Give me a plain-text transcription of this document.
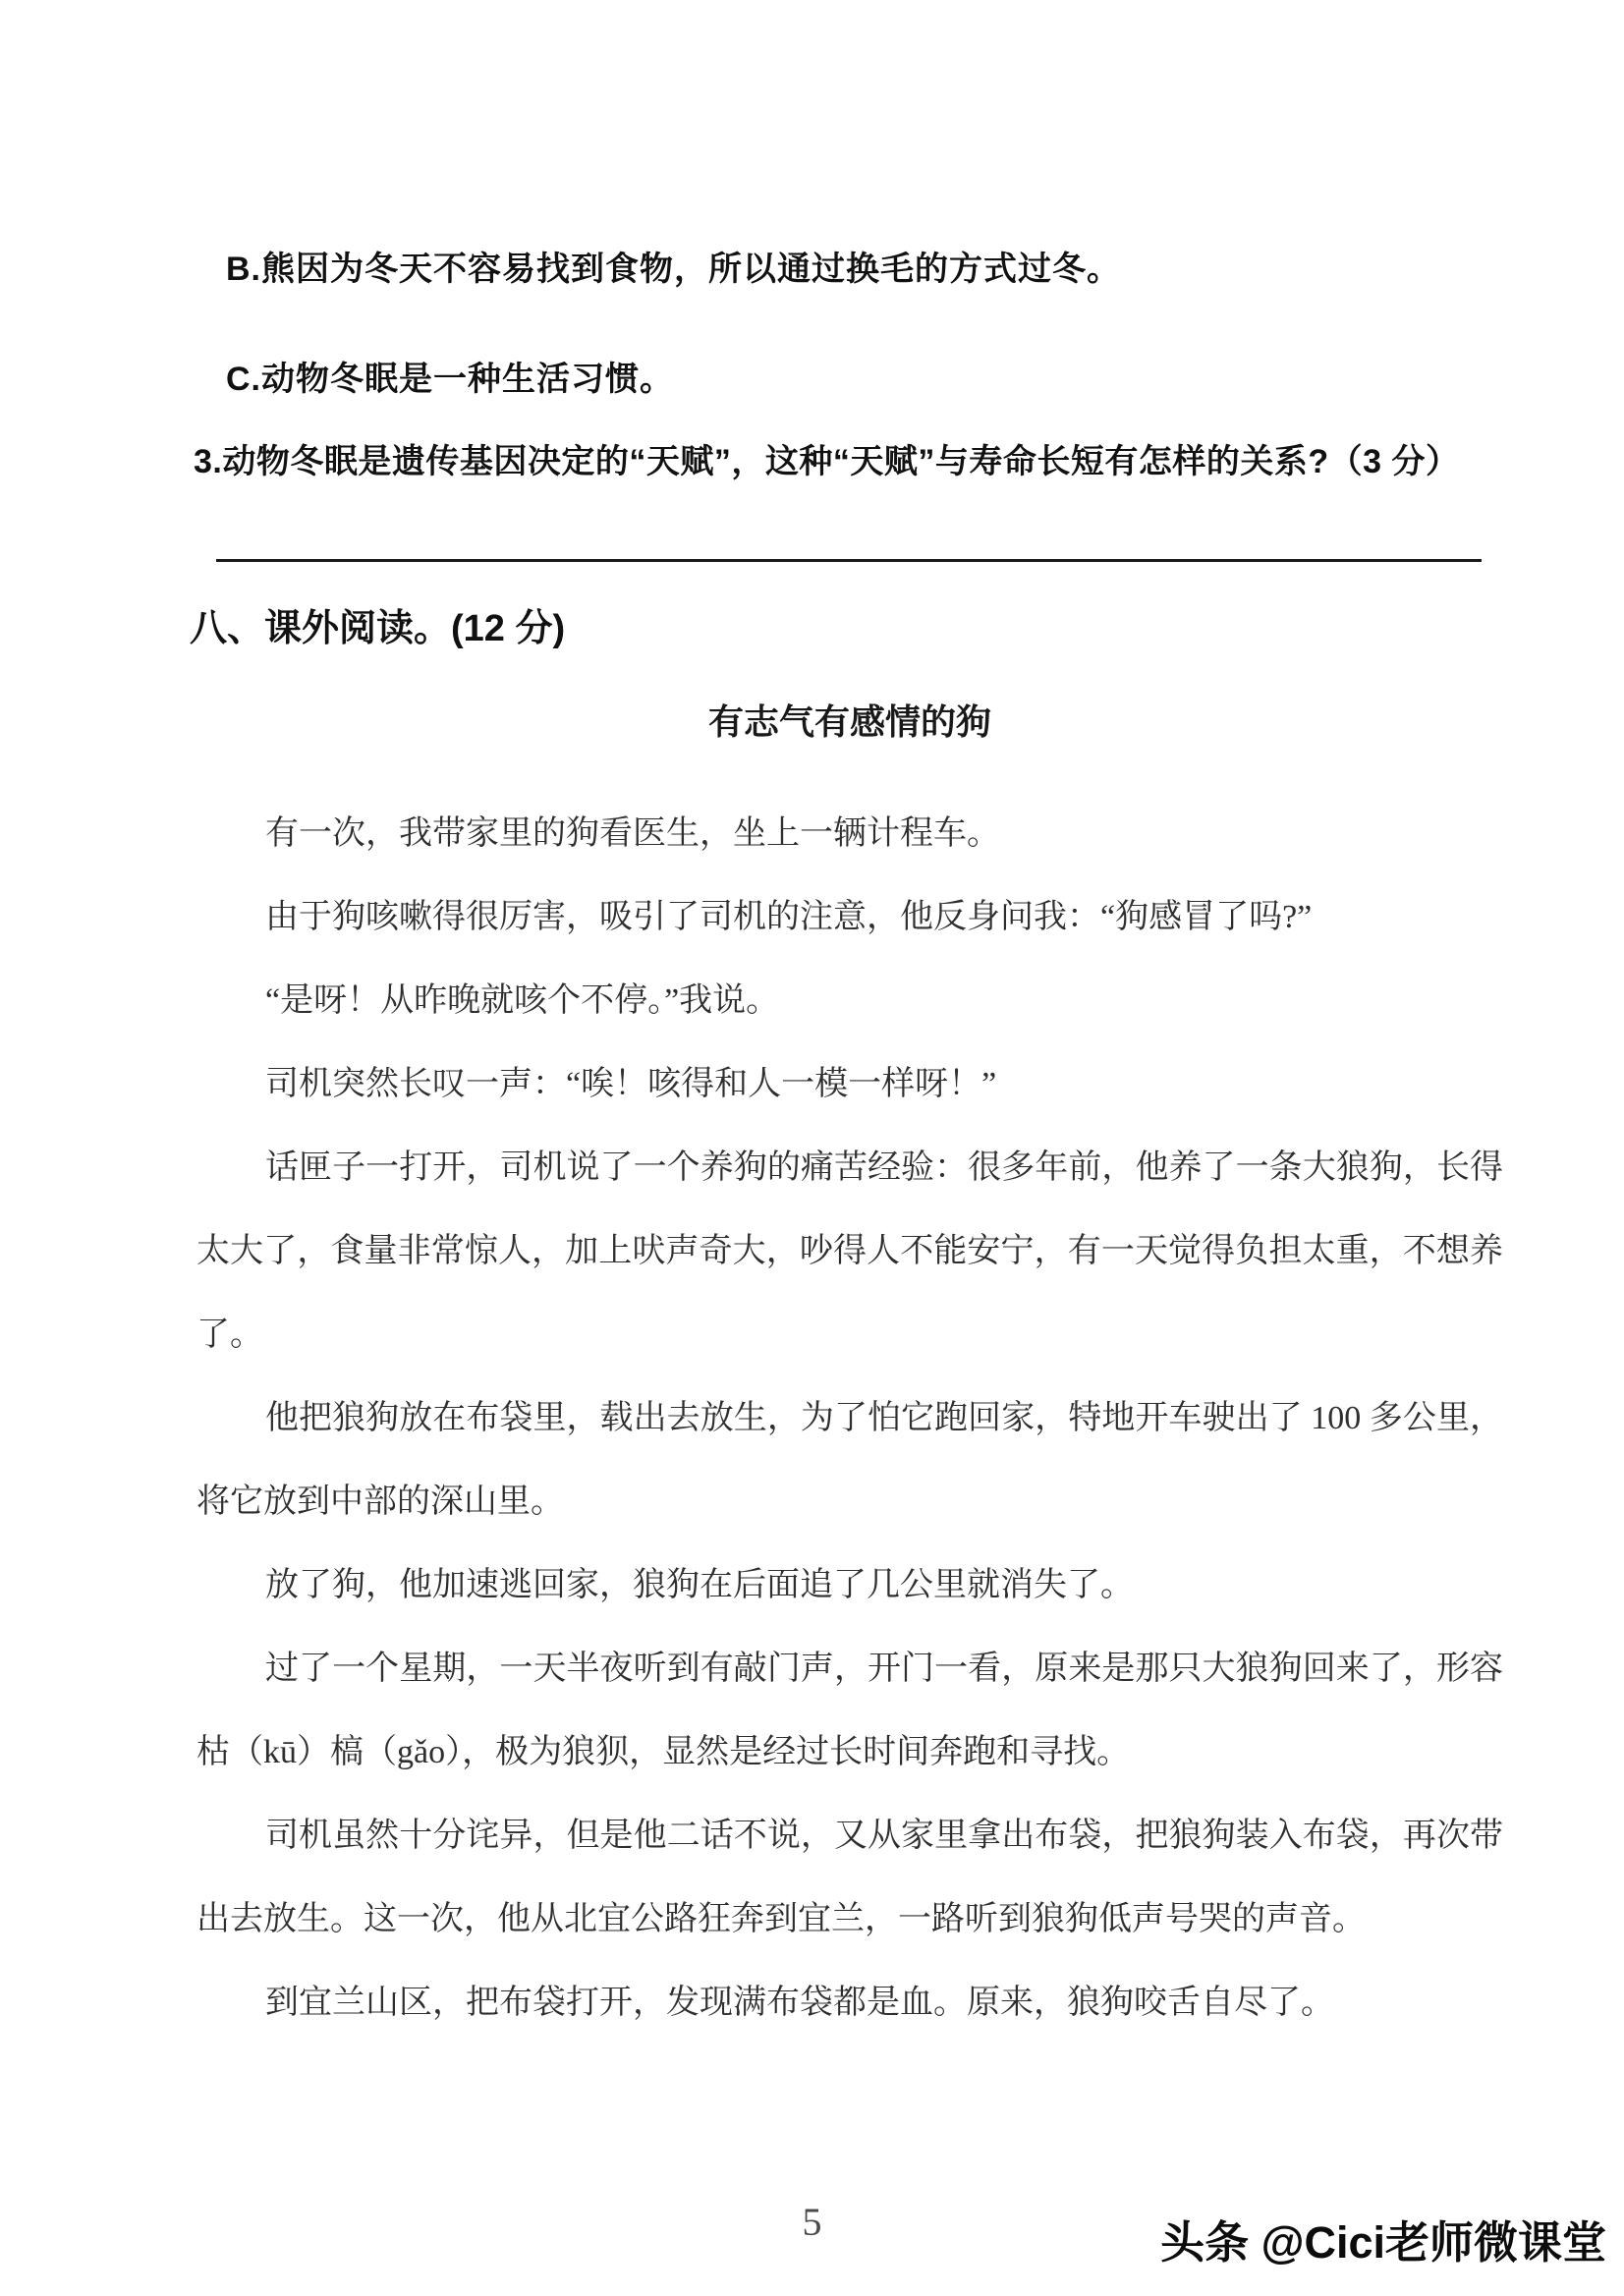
B.熊因为冬天不容易找到食物，所以通过换毛的方式过冬。
C.动物冬眠是一种生活习惯。
3.动物冬眠是遗传基因决定的“天赋”，这种“天赋”与寿命长短有怎样的关系?（3 分）
八、课外阅读。(12 分)
有志气有感情的狗
有一次，我带家里的狗看医生，坐上一辆计程车。
由于狗咳嗽得很厉害，吸引了司机的注意，他反身问我：“狗感冒了吗?”
“是呀！从昨晚就咳个不停。”我说。
司机突然长叹一声：“唉！咳得和人一模一样呀！”
话匣子一打开，司机说了一个养狗的痛苦经验：很多年前，他养了一条大狼狗，长得
太大了，食量非常惊人，加上吠声奇大，吵得人不能安宁，有一天觉得负担太重，不想养
了。
他把狼狗放在布袋里，载出去放生，为了怕它跑回家，特地开车驶出了 100 多公里，
将它放到中部的深山里。
放了狗，他加速逃回家，狼狗在后面追了几公里就消失了。
过了一个星期，一天半夜听到有敲门声，开门一看，原来是那只大狼狗回来了，形容
枯（kū）槁（gǎo），极为狼狈，显然是经过长时间奔跑和寻找。
司机虽然十分诧异，但是他二话不说，又从家里拿出布袋，把狼狗装入布袋，再次带
出去放生。这一次，他从北宜公路狂奔到宜兰，一路听到狼狗低声号哭的声音。
到宜兰山区，把布袋打开，发现满布袋都是血。原来，狼狗咬舌自尽了。
5	头条 @Cici老师微课堂
